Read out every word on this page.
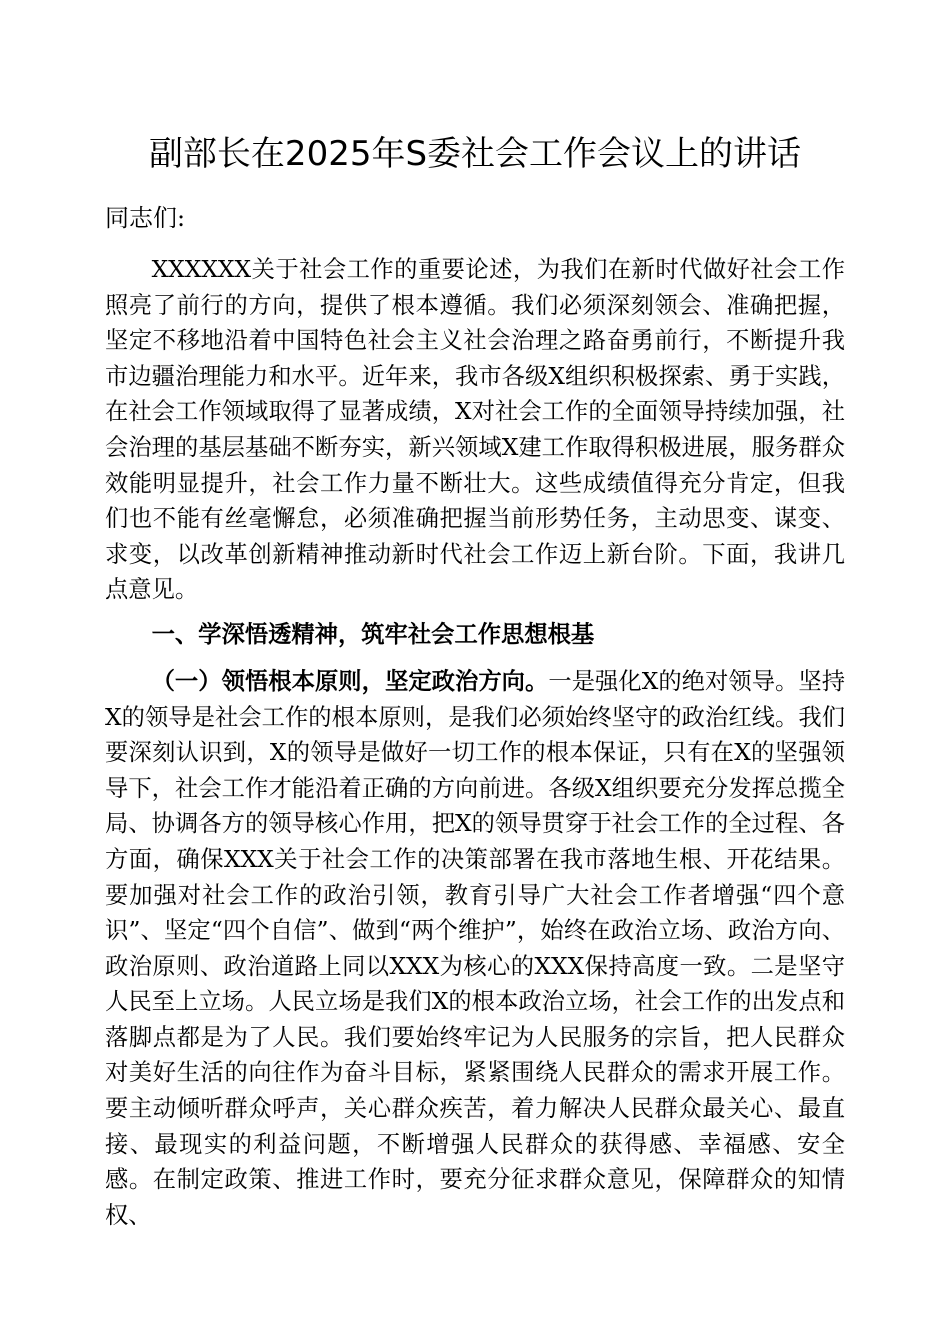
副部长在2025年S委社会工作会议上的讲话

同志们:

XXXXXX关于社会工作的重要论述，为我们在新时代做好社会工作照亮了前行的方向，提供了根本遵循。我们必须深刻领会、准确把握，坚定不移地沿着中国特色社会主义社会治理之路奋勇前行，不断提升我市边疆治理能力和水平。近年来，我市各级X组织积极探索、勇于实践，在社会工作领域取得了显著成绩，X对社会工作的全面领导持续加强，社会治理的基层基础不断夯实，新兴领域X建工作取得积极进展，服务群众效能明显提升，社会工作力量不断壮大。这些成绩值得充分肯定，但我们也不能有丝毫懈怠，必须准确把握当前形势任务，主动思变、谋变、求变，以改革创新精神推动新时代社会工作迈上新台阶。下面，我讲几点意见。

一、学深悟透精神，筑牢社会工作思想根基

（一）领悟根本原则，坚定政治方向。一是强化X的绝对领导。坚持X的领导是社会工作的根本原则，是我们必须始终坚守的政治红线。我们要深刻认识到，X的领导是做好一切工作的根本保证，只有在X的坚强领导下，社会工作才能沿着正确的方向前进。各级X组织要充分发挥总揽全局、协调各方的领导核心作用，把X的领导贯穿于社会工作的全过程、各方面，确保XXX关于社会工作的决策部署在我市落地生根、开花结果。要加强对社会工作的政治引领，教育引导广大社会工作者增强“四个意识”、坚定“四个自信”、做到“两个维护”，始终在政治立场、政治方向、政治原则、政治道路上同以XXX为核心的XXX保持高度一致。二是坚守人民至上立场。人民立场是我们X的根本政治立场，社会工作的出发点和落脚点都是为了人民。我们要始终牢记为人民服务的宗旨，把人民群众对美好生活的向往作为奋斗目标，紧紧围绕人民群众的需求开展工作。要主动倾听群众呼声，关心群众疾苦，着力解决人民群众最关心、最直接、最现实的利益问题，不断增强人民群众的获得感、幸福感、安全感。在制定政策、推进工作时，要充分征求群众意见，保障群众的知情权、
